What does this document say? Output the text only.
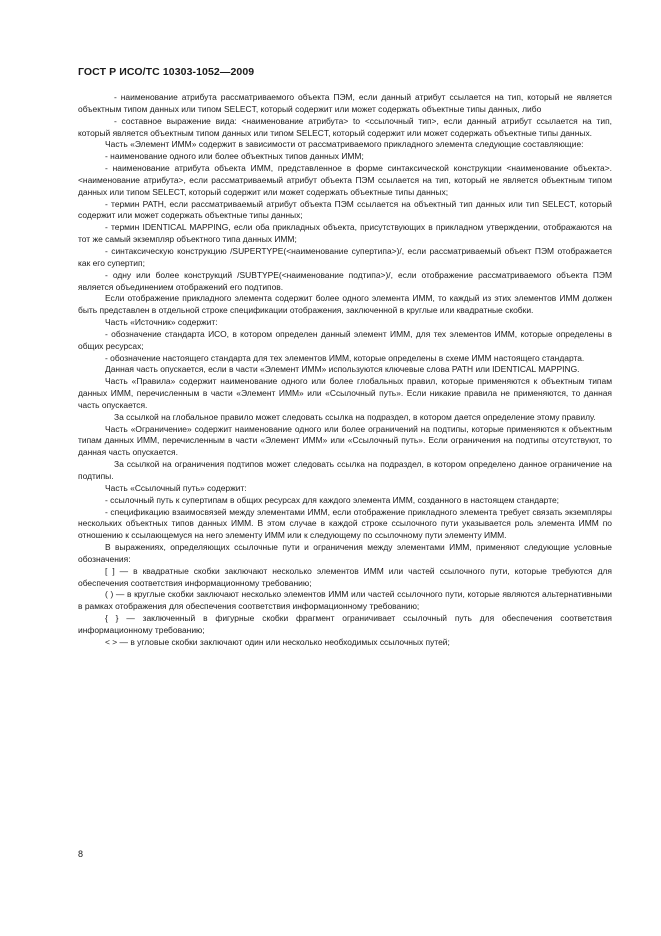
ГОСТ Р ИСО/ТС 10303-1052—2009

- наименование атрибута рассматриваемого объекта ПЭМ, если данный атрибут ссылается на тип, который не является объектным типом данных или типом SELECT, который содержит или может содержать объектные типы данных, либо

- составное выражение вида: <наименование атрибута> to <ссылочный тип>, если данный атрибут ссылается на тип, который является объектным типом данных или типом SELECT, который содержит или может содержать объектные типы данных.

Часть «Элемент ИММ» содержит в зависимости от рассматриваемого прикладного элемента следующие составляющие:

- наименование одного или более объектных типов данных ИММ;

- наименование атрибута объекта ИММ, представленное в форме синтаксической конструкции <наименование объекта>.<наименование атрибута>, если рассматриваемый атрибут объекта ПЭМ ссылается на тип, который не является объектным типом данных или типом SELECT, который содержит или может содержать объектные типы данных;

- термин PATH, если рассматриваемый атрибут объекта ПЭМ ссылается на объектный тип данных или тип SELECT, который содержит или может содержать объектные типы данных;

- термин IDENTICAL MAPPING, если оба прикладных объекта, присутствующих в прикладном утверждении, отображаются на тот же самый экземпляр объектного типа данных ИММ;

- синтаксическую конструкцию /SUPERTYPE(<наименование супертипа>)/, если рассматриваемый объект ПЭМ отображается как его супертип;

- одну или более конструкций /SUBTYPE(<наименование подтипа>)/, если отображение рассматриваемого объекта ПЭМ является объединением отображений его подтипов.

Если отображение прикладного элемента содержит более одного элемента ИММ, то каждый из этих элементов ИММ должен быть представлен в отдельной строке спецификации отображения, заключенной в круглые или квадратные скобки.

Часть «Источник» содержит:

- обозначение стандарта ИСО, в котором определен данный элемент ИММ, для тех элементов ИММ, которые определены в общих ресурсах;

- обозначение настоящего стандарта для тех элементов ИММ, которые определены в схеме ИММ настоящего стандарта.

Данная часть опускается, если в части «Элемент ИММ» используются ключевые слова PATH или IDENTICAL MAPPING.

Часть «Правила» содержит наименование одного или более глобальных правил, которые применяются к объектным типам данных ИММ, перечисленным в части «Элемент ИММ» или «Ссылочный путь». Если никакие правила не применяются, то данная часть опускается.

За ссылкой на глобальное правило может следовать ссылка на подраздел, в котором дается определение этому правилу.

Часть «Ограничение» содержит наименование одного или более ограничений на подтипы, которые применяются к объектным типам данных ИММ, перечисленным в части «Элемент ИММ» или «Ссылочный путь». Если ограничения на подтипы отсутствуют, то данная часть опускается.

За ссылкой на ограничения подтипов может следовать ссылка на подраздел, в котором определено данное ограничение на подтипы.

Часть «Ссылочный путь» содержит:

- ссылочный путь к супертипам в общих ресурсах для каждого элемента ИММ, созданного в настоящем стандарте;

- спецификацию взаимосвязей между элементами ИММ, если отображение прикладного элемента требует связать экземпляры нескольких объектных типов данных ИММ. В этом случае в каждой строке ссылочного пути указывается роль элемента ИММ по отношению к ссылающемуся на него элементу ИММ или к следующему по ссылочному пути элементу ИММ.

В выражениях, определяющих ссылочные пути и ограничения между элементами ИММ, применяют следующие условные обозначения:

[ ] — в квадратные скобки заключают несколько элементов ИММ или частей ссылочного пути, которые требуются для обеспечения соответствия информационному требованию;

( ) — в круглые скобки заключают несколько элементов ИММ или частей ссылочного пути, которые являются альтернативными в рамках отображения для обеспечения соответствия информационному требованию;

{ } — заключенный в фигурные скобки фрагмент ограничивает ссылочный путь для обеспечения соответствия информационному требованию;

< > — в угловые скобки заключают один или несколько необходимых ссылочных путей;

8
